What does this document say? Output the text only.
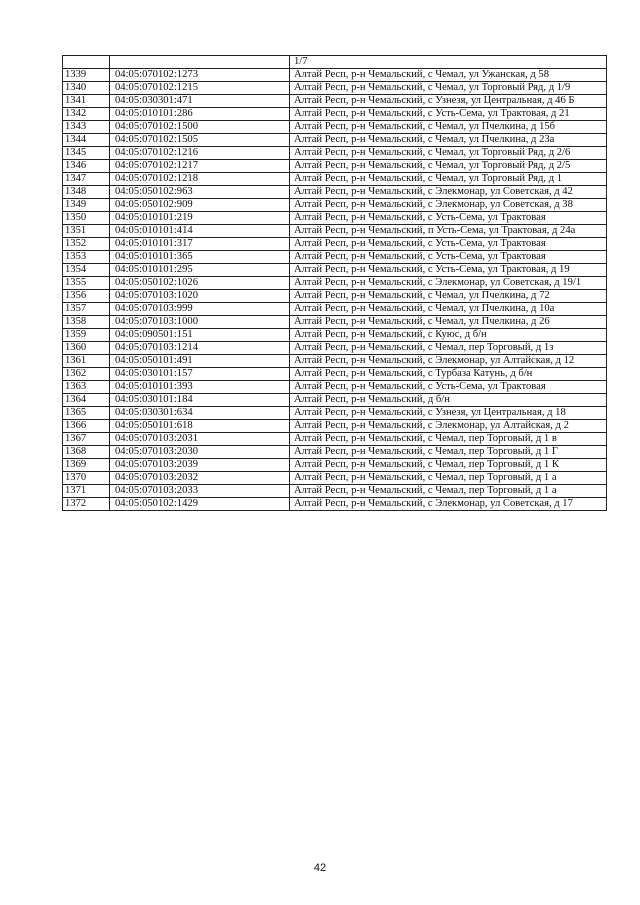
		1/7
1339	04:05:070102:1273	Алтай Респ, р-н Чемальский, с Чемал, ул Ужанская, д 58
1340	04:05:070102:1215	Алтай Респ, р-н Чемальский, с Чемал, ул Торговый Ряд, д 1/9
1341	04:05:030301:471	Алтай Респ, р-н Чемальский, с Узнезя, ул Центральная, д 46 Б
1342	04:05:010101:286	Алтай Респ, р-н Чемальский, с Усть-Сема, ул Трактовая, д 21
1343	04:05:070102:1500	Алтай Респ, р-н Чемальский, с Чемал, ул Пчелкина, д 15б
1344	04:05:070102:1505	Алтай Респ, р-н Чемальский, с Чемал, ул Пчелкина, д 23а
1345	04:05:070102:1216	Алтай Респ, р-н Чемальский, с Чемал, ул Торговый Ряд, д 2/6
1346	04:05:070102:1217	Алтай Респ, р-н Чемальский, с Чемал, ул Торговый Ряд, д 2/5
1347	04:05:070102:1218	Алтай Респ, р-н Чемальский, с Чемал, ул Торговый Ряд, д 1
1348	04:05:050102:963	Алтай Респ, р-н Чемальский, с Элекмонар, ул Советская, д 42
1349	04:05:050102:909	Алтай Респ, р-н Чемальский, с Элекмонар, ул Советская, д 38
1350	04:05:010101:219	Алтай Респ, р-н Чемальский, с Усть-Сема, ул Трактовая
1351	04:05:010101:414	Алтай Респ, р-н Чемальский, п Усть-Сема, ул Трактовая, д 24а
1352	04:05:010101:317	Алтай Респ, р-н Чемальский, с Усть-Сема, ул Трактовая
1353	04:05:010101:365	Алтай Респ, р-н Чемальский, с Усть-Сема, ул Трактовая
1354	04:05:010101:295	Алтай Респ, р-н Чемальский, с Усть-Сема, ул Трактовая, д 19
1355	04:05:050102:1026	Алтай Респ, р-н Чемальский, с Элекмонар, ул Советская, д 19/1
1356	04:05:070103:1020	Алтай Респ, р-н Чемальский, с Чемал, ул Пчелкина, д 72
1357	04:05:070103:999	Алтай Респ, р-н Чемальский, с Чемал, ул Пчелкина, д 10а
1358	04:05:070103:1000	Алтай Респ, р-н Чемальский, с Чемал, ул Пчелкина, д 26
1359	04:05:090501:151	Алтай Респ, р-н Чемальский, с Куюс, д б/н
1360	04:05:070103:1214	Алтай Респ, р-н Чемальский, с Чемал, пер Торговый, д 1з
1361	04:05:050101:491	Алтай Респ, р-н Чемальский, с Элекмонар, ул Алтайская, д 12
1362	04:05:030101:157	Алтай Респ, р-н Чемальский, с Турбаза Катунь, д б/н
1363	04:05:010101:393	Алтай Респ, р-н Чемальский, с Усть-Сема, ул Трактовая
1364	04:05:030101:184	Алтай Респ, р-н Чемальский, д б/н
1365	04:05:030301:634	Алтай Респ, р-н Чемальский, с Узнезя, ул Центральная, д 18
1366	04:05:050101:618	Алтай Респ, р-н Чемальский, с Элекмонар, ул Алтайская, д 2
1367	04:05:070103:2031	Алтай Респ, р-н Чемальский, с Чемал, пер Торговый, д 1 в
1368	04:05:070103:2030	Алтай Респ, р-н Чемальский, с Чемал, пер Торговый, д 1 Г
1369	04:05:070103:2039	Алтай Респ, р-н Чемальский, с Чемал, пер Торговый, д 1 К
1370	04:05:070103:2032	Алтай Респ, р-н Чемальский, с Чемал, пер Торговый, д 1 а
1371	04:05:070103:2033	Алтай Респ, р-н Чемальский, с Чемал, пер Торговый, д 1 а
1372	04:05:050102:1429	Алтай Респ, р-н Чемальский, с Элекмонар, ул Советская, д 17
42
